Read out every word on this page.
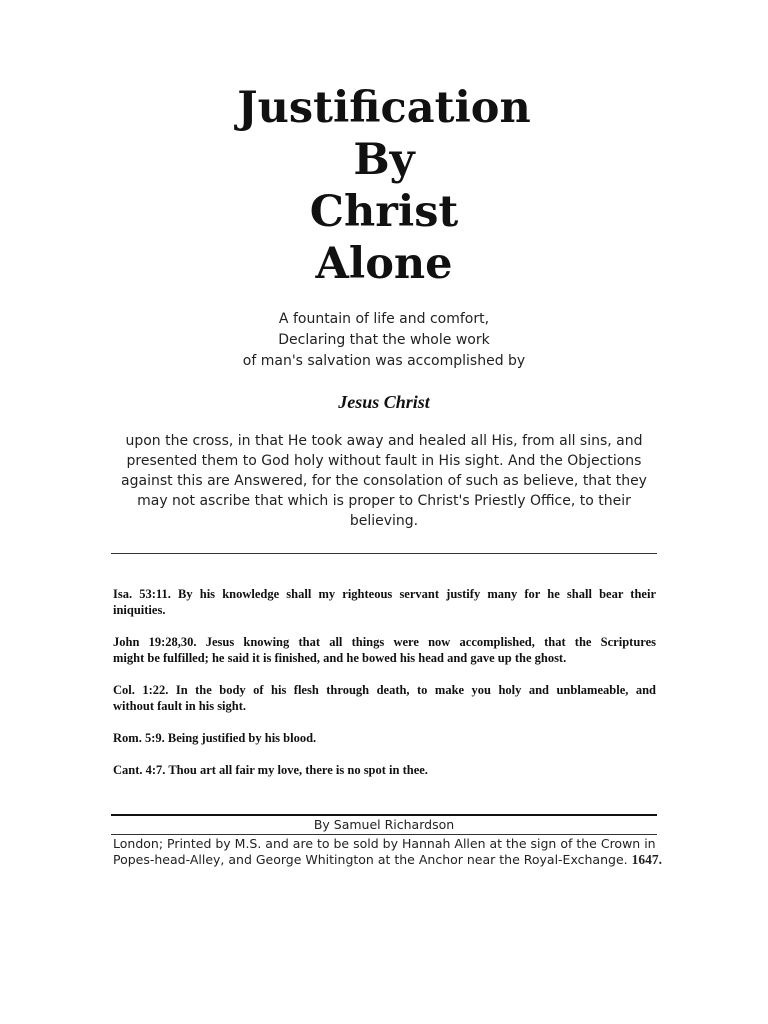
Justification
By
Christ
Alone
A fountain of life and comfort,
Declaring that the whole work
of man's salvation was accomplished by
Jesus Christ
upon the cross, in that He took away and healed all His, from all sins, and
presented them to God holy without fault in His sight. And the Objections
against this are Answered, for the consolation of such as believe, that they
may not ascribe that which is proper to Christ's Priestly Office, to their
believing.
Isa. 53:11. By his knowledge shall my righteous servant justify many for he shall bear their
iniquities.
John 19:28,30. Jesus knowing that all things were now accomplished, that the Scriptures
might be fulfilled; he said it is finished, and he bowed his head and gave up the ghost.
Col. 1:22. In the body of his flesh through death, to make you holy and unblameable, and
without fault in his sight.
Rom. 5:9. Being justified by his blood.
Cant. 4:7. Thou art all fair my love, there is no spot in thee.
By Samuel Richardson
London; Printed by M.S. and are to be sold by Hannah Allen at the sign of the Crown in
Popes-head-Alley, and George Whitington at the Anchor near the Royal-Exchange. 1647.
